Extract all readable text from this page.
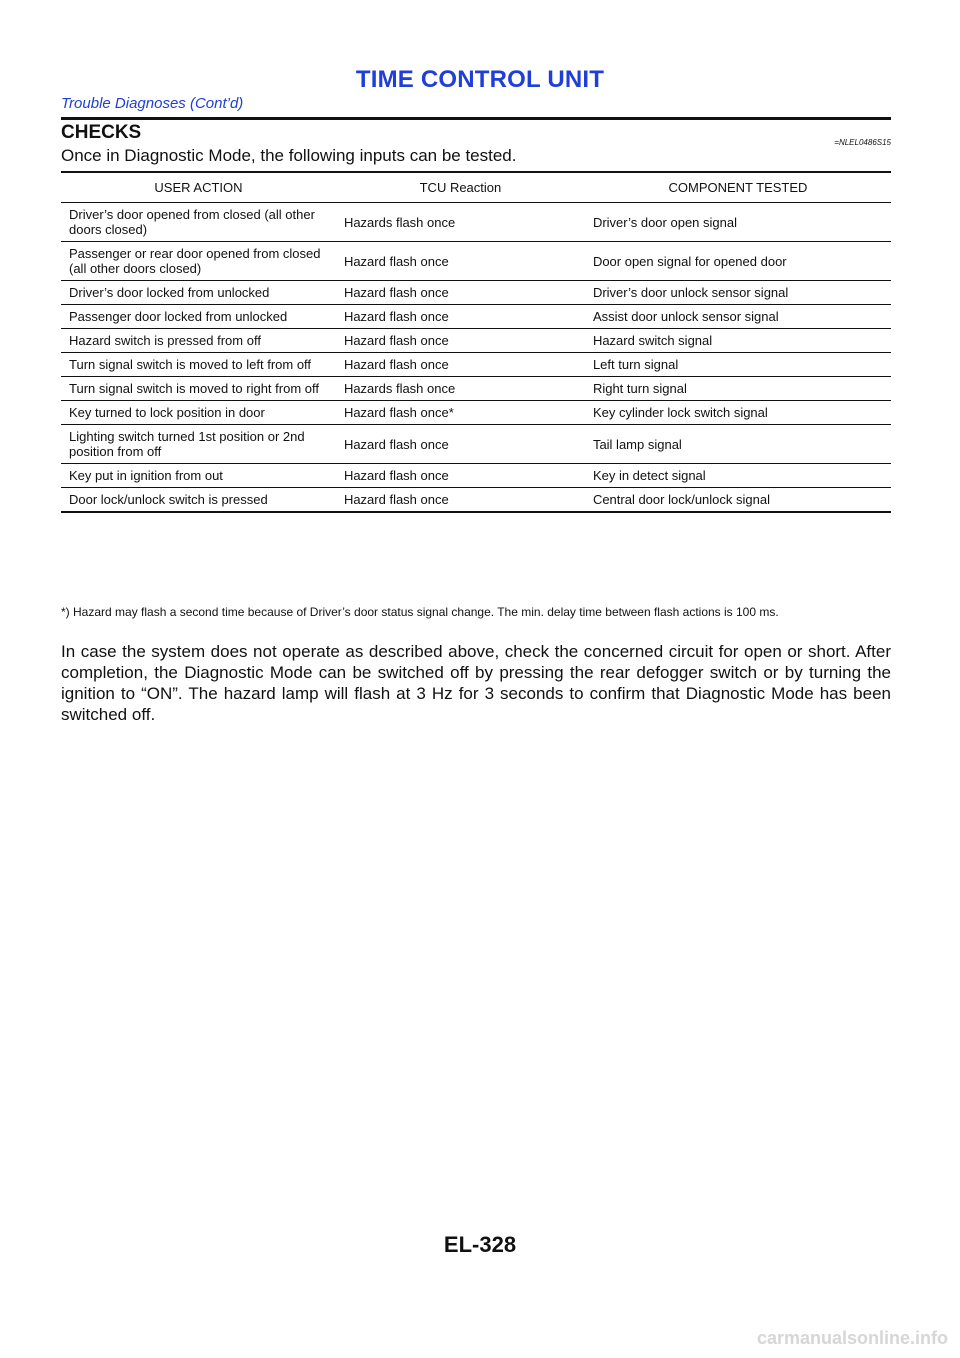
TIME CONTROL UNIT
Trouble Diagnoses (Cont’d)
CHECKS	=NLEL0486S15
Once in Diagnostic Mode, the following inputs can be tested.
USER ACTION	TCU Reaction	COMPONENT TESTED
Driver’s door opened from closed (all other doors closed)	Hazards flash once	Driver’s door open signal
Passenger or rear door opened from closed (all other doors closed)	Hazard flash once	Door open signal for opened door
Driver’s door locked from unlocked	Hazard flash once	Driver’s door unlock sensor signal
Passenger door locked from unlocked	Hazard flash once	Assist door unlock sensor signal
Hazard switch is pressed from off	Hazard flash once	Hazard switch signal
Turn signal switch is moved to left from off	Hazard flash once	Left turn signal
Turn signal switch is moved to right from off	Hazards flash once	Right turn signal
Key turned to lock position in door	Hazard flash once*	Key cylinder lock switch signal
Lighting switch turned 1st position or 2nd position from off	Hazard flash once	Tail lamp signal
Key put in ignition from out	Hazard flash once	Key in detect signal
Door lock/unlock switch is pressed	Hazard flash once	Central door lock/unlock signal
*) Hazard may flash a second time because of Driver’s door status signal change. The min. delay time between flash actions is 100 ms.
In case the system does not operate as described above, check the concerned circuit for open or short. After completion, the Diagnostic Mode can be switched off by pressing the rear defogger switch or by turning the ignition to “ON”. The hazard lamp will flash at 3 Hz for 3 seconds to confirm that Diagnostic Mode has been switched off.
EL-328
carmanualsonline.info
